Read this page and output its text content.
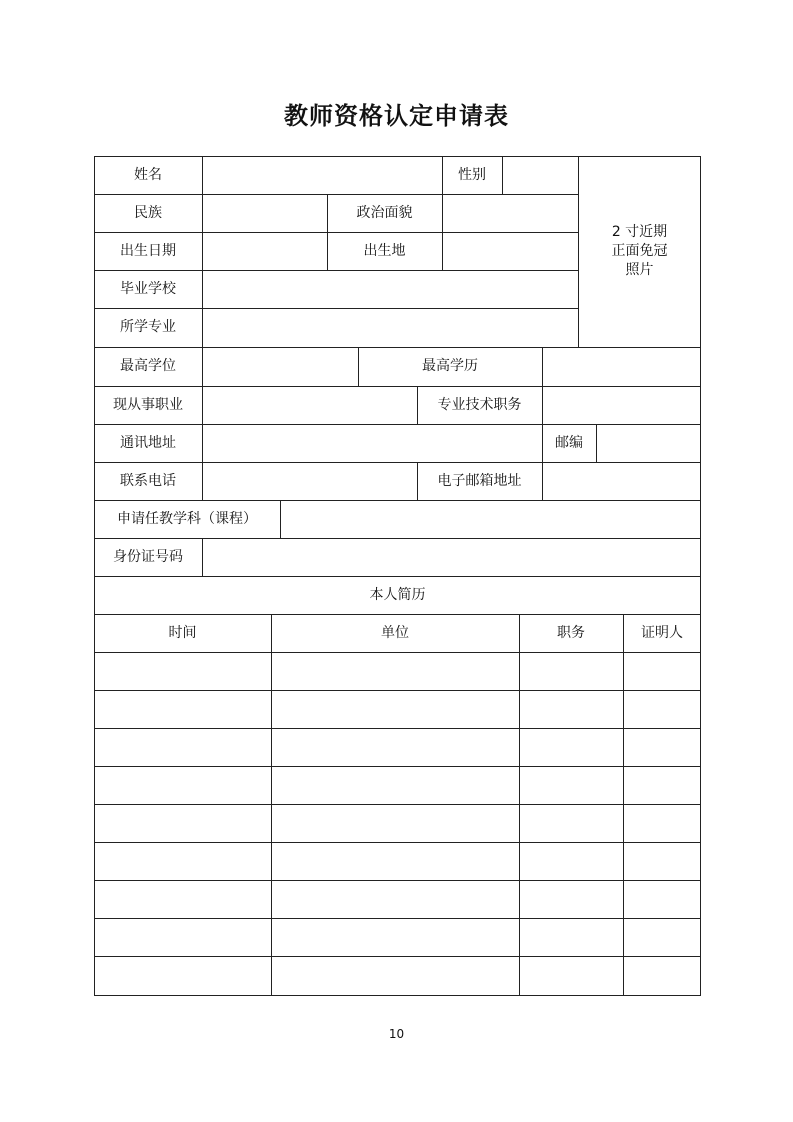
教师资格认定申请表
姓名	性别
民族	政治面貌
出生日期	出生地
毕业学校
所学专业
2 寸近期
正面免冠
照片
最高学位	最高学历
现从事职业	专业技术职务
通讯地址	邮编
联系电话	电子邮箱地址
申请任教学科（课程）
身份证号码
本人简历
时间	单位	职务	证明人
10
